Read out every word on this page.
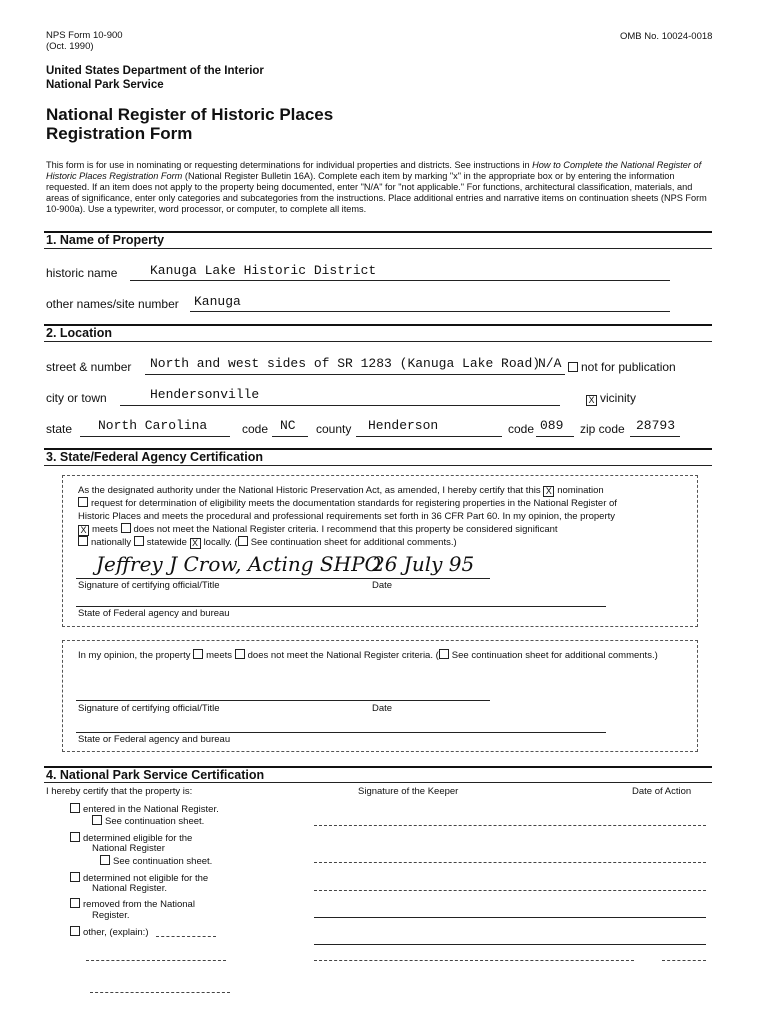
NPS Form 10-900
(Oct. 1990)
OMB No. 10024-0018
United States Department of the Interior
National Park Service
National Register of Historic Places
Registration Form
This form is for use in nominating or requesting determinations for individual properties and districts. See instructions in How to Complete the National Register of Historic Places Registration Form (National Register Bulletin 16A). Complete each item by marking "x" in the appropriate box or by entering the information requested. If an item does not apply to the property being documented, enter "N/A" for "not applicable." For functions, architectural classification, materials, and areas of significance, enter only categories and subcategories from the instructions. Place additional entries and narrative items on continuation sheets (NPS Form 10-900a). Use a typewriter, word processor, or computer, to complete all items.
1. Name of Property
historic name	Kanuga Lake Historic District
other names/site number Kanuga
2. Location
street & number North and west sides of SR 1283 (Kanuga Lake Road)
N/A	not for publication
city or town	Hendersonville	X vicinity
state North Carolina	code NC county Henderson	code 089 zip code 28793
3. State/Federal Agency Certification
As the designated authority under the National Historic Preservation Act, as amended, I hereby certify that this X nomination
request for determination of eligibility meets the documentation standards for registering properties in the National Register of
Historic Places and meets the procedural and professional requirements set forth in 36 CFR Part 60. In my opinion, the property
X meets does not meet the National Register criteria. I recommend that this property be considered significant
nationally statewide X locally. ( See continuation sheet for additional comments.)
Jeffrey J Crow, Acting SHPO
26 July 95
Signature of certifying official/Title	Date
State of Federal agency and bureau
In my opinion, the property meets does not meet the National Register criteria. ( See continuation sheet for additional comments.)
Signature of certifying official/Title	Date
State or Federal agency and bureau
4. National Park Service Certification
I hereby certify that the property is:	Signature of the Keeper	Date of Action
entered in the National Register.
See continuation sheet.
determined eligible for the
National Register
See continuation sheet.
determined not eligible for the
National Register.
removed from the National
Register.
other, (explain:)
